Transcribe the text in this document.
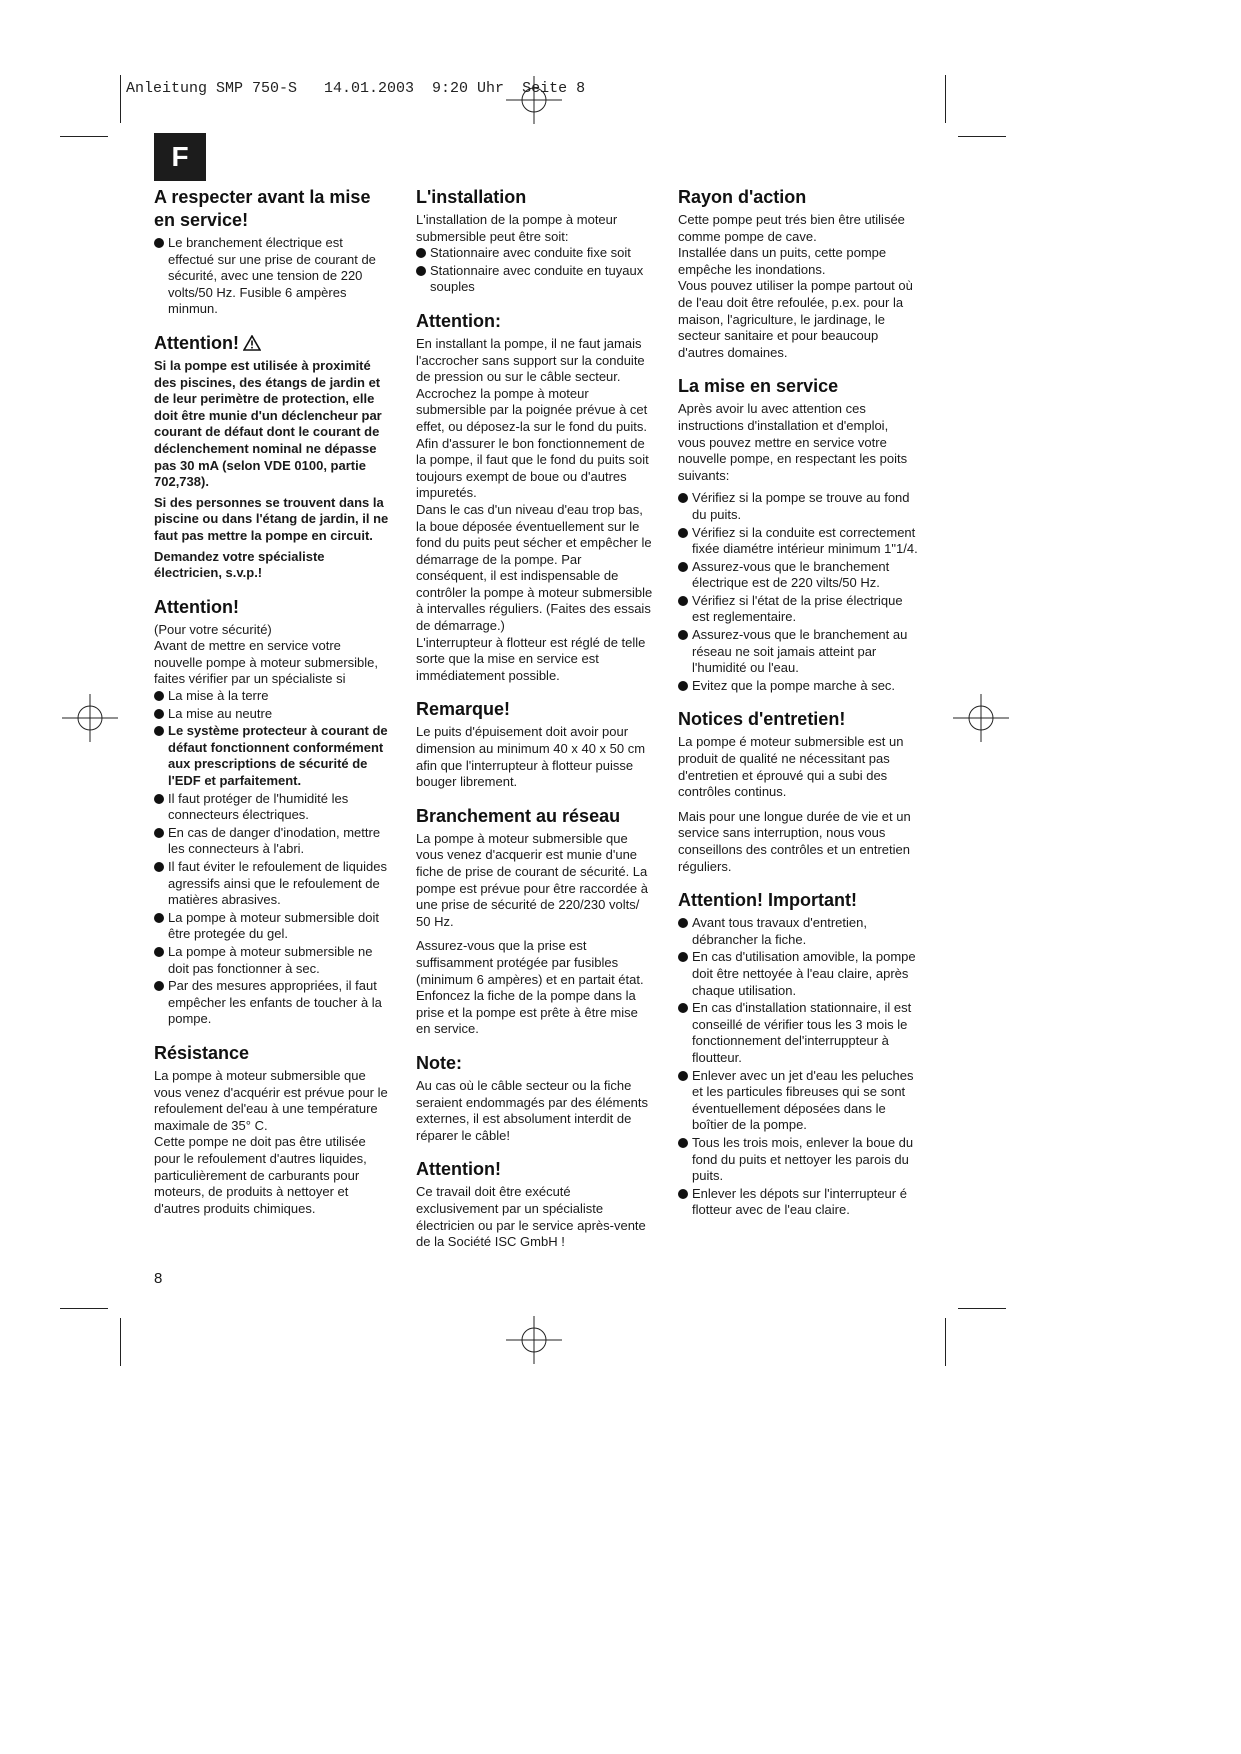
Anleitung SMP 750-S   14.01.2003  9:20 Uhr  Seite 8
F
A respecter avant la mise en service!
Le branchement électrique est effectué sur une prise de courant de sécurité, avec une tension de 220 volts/50 Hz. Fusible 6 ampères minmun.
Attention!

Si la pompe est utilisée à proximité des piscines, des étangs de jardin et de leur perimètre de protection, elle doit être munie d'un déclencheur par courant de défaut dont le courant de déclenchement nominal ne dépasse pas 30 mA (selon VDE 0100, partie 702,738).

Si des personnes se trouvent dans la piscine ou dans l'étang de jardin, il ne faut pas mettre la pompe en circuit.

Demandez votre spécialiste électricien, s.v.p.!

Attention!

(Pour votre sécurité)

Avant de mettre en service votre nouvelle pompe à moteur submersible, faites vérifier par un spécialiste si

La mise à la terre
La mise au neutre
Le système protecteur à courant de défaut fonctionnent conformément aux prescriptions de sécurité de l'EDF et parfaitement.
Il faut protéger de l'humidité les connecteurs électriques.
En cas de danger d'inodation, mettre les connecteurs à l'abri.
Il faut éviter le refoulement de liquides agressifs ainsi que le refoulement de matières abrasives.
La pompe à moteur submersible doit être protegée du gel.
La pompe à moteur submersible ne doit pas fonctionner à sec.
Par des mesures appropriées, il faut empêcher les enfants de toucher à la pompe.
Résistance

La pompe à moteur submersible que vous venez d'acquérir est prévue pour le refoulement del'eau à une température maximale de 35° C.

Cette pompe ne doit pas être utilisée pour le refoulement d'autres liquides, particulièrement de carburants pour moteurs, de produits à nettoyer et d'autres produits chimiques.

L'installation

L'installation de la pompe à moteur submersible peut être soit:

Stationnaire avec conduite fixe soit
Stationnaire avec conduite en tuyaux souples
Attention:

En installant la pompe, il ne faut jamais l'accrocher sans support sur la conduite de pression ou sur le câble secteur. Accrochez la pompe à moteur submersible par la poignée prévue à cet effet, ou déposez-la sur le fond du puits. Afin d'assurer le bon fonctionnement de la pompe, il faut que le fond du puits soit toujours exempt de boue ou d'autres impuretés.

Dans le cas d'un niveau d'eau trop bas, la boue déposée éventuellement sur le fond du puits peut sécher et empêcher le démarrage de la pompe. Par conséquent, il est indispensable de contrôler la pompe à moteur submersible à intervalles réguliers. (Faites des essais de démarrage.)

L'interrupteur à flotteur est réglé de telle sorte que la mise en service est immédiatement possible.

Remarque!

Le puits d'épuisement doit avoir pour dimension au minimum 40 x 40 x 50 cm afin que l'interrupteur à flotteur puisse bouger librement.

Branchement au réseau

La pompe à moteur submersible que vous venez d'acquerir est munie d'une fiche de prise de courant de sécurité. La pompe est prévue pour être raccordée à une prise de sécurité de 220/230 volts/ 50 Hz.

Assurez-vous que la prise est suffisamment protégée par fusibles (minimum 6 ampères) et en partait état. Enfoncez la fiche de la pompe dans la prise et la pompe est prête à être mise en service.

Note:

Au cas où le câble secteur ou la fiche seraient endommagés par des éléments externes, il est absolument interdit de réparer le câble!

Attention!

Ce travail doit être exécuté exclusivement par un spécialiste électricien ou par le service après-vente de la Société ISC GmbH !

Rayon d'action

Cette pompe peut trés bien être utilisée comme pompe de cave.

Installée dans un puits, cette pompe empêche les inondations.

Vous pouvez utiliser la pompe partout où de l'eau doit être refoulée, p.ex. pour la maison, l'agriculture, le jardinage, le secteur sanitaire et pour beaucoup d'autres domaines.

La mise en service

Après avoir lu avec attention ces instructions d'installation et d'emploi, vous pouvez mettre en service votre nouvelle pompe, en respectant les poits suivants:

Vérifiez si la pompe se trouve au fond du puits.
Vérifiez si la conduite est correctement fixée diamétre intérieur minimum 1"1/4.
Assurez-vous que le branchement électrique est de 220 vilts/50 Hz.
Vérifiez si l'état de la prise électrique est reglementaire.
Assurez-vous que le branchement au réseau ne soit jamais atteint par l'humidité ou l'eau.
Evitez que la pompe marche à sec.
Notices d'entretien!

La pompe é moteur submersible est un produit de qualité ne nécessitant pas d'entretien et éprouvé qui a subi des contrôles continus.

Mais pour une longue durée de vie et un service sans interruption, nous vous conseillons des contrôles et un entretien réguliers.

Attention! Important!
Avant tous travaux d'entretien, débrancher la fiche.
En cas d'utilisation amovible, la pompe doit être nettoyée à l'eau claire, après chaque utilisation.
En cas d'installation stationnaire, il est conseillé de vérifier tous les 3 mois le fonctionnement del'interruppteur à floutteur.
Enlever avec un jet d'eau les peluches et les particules fibreuses qui se sont éventuellement déposées dans le boîtier de la pompe.
Tous les trois mois, enlever la boue du fond du puits et nettoyer les parois du puits.
Enlever les dépots sur l'interrupteur é flotteur avec de l'eau claire.
8
